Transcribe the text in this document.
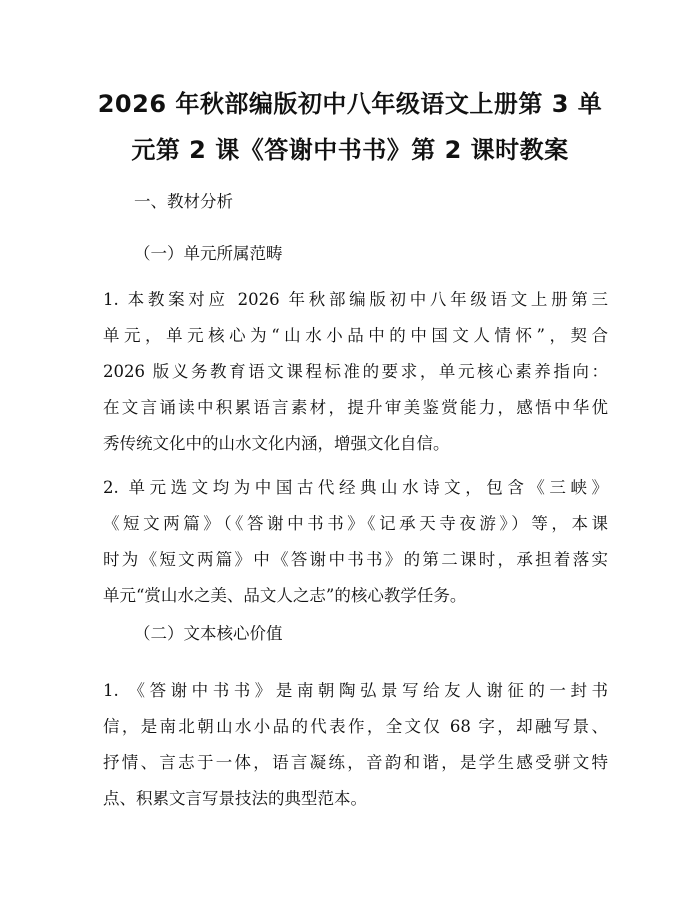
2026 年秋部编版初中八年级语文上册第 3 单
元第 2 课《答谢中书书》第 2 课时教案
一、教材分析
（一）单元所属范畴
1. 本教案对应 2026 年秋部编版初中八年级语文上册第三
单元，单元核心为“山水小品中的中国文人情怀”，契合
2026 版义务教育语文课程标准的要求，单元核心素养指向：
在文言诵读中积累语言素材，提升审美鉴赏能力，感悟中华优
秀传统文化中的山水文化内涵，增强文化自信。
2. 单元选文均为中国古代经典山水诗文，包含《三峡》
《短文两篇》（《答谢中书书》《记承天寺夜游》）等，本课
时为《短文两篇》中《答谢中书书》的第二课时，承担着落实
单元“赏山水之美、品文人之志”的核心教学任务。
（二）文本核心价值
1. 《答谢中书书》是南朝陶弘景写给友人谢征的一封书
信，是南北朝山水小品的代表作，全文仅 68 字，却融写景、
抒情、言志于一体，语言凝练，音韵和谐，是学生感受骈文特
点、积累文言写景技法的典型范本。
